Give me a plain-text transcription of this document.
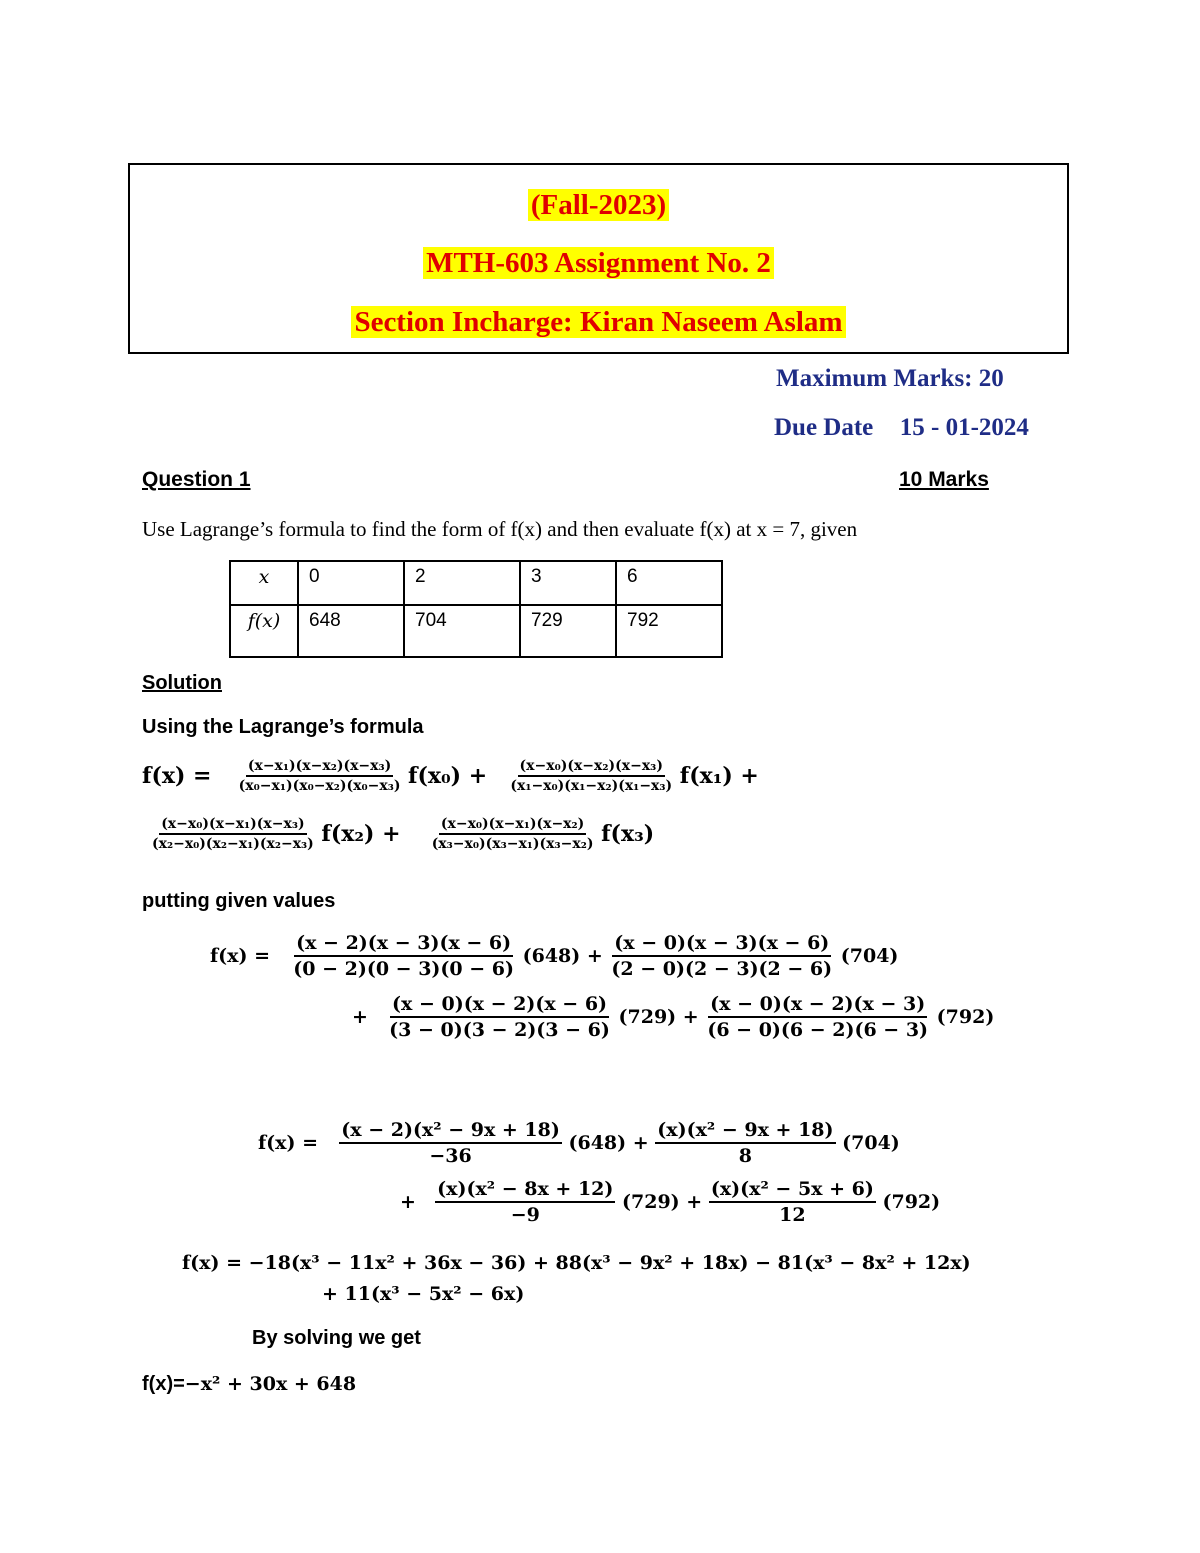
(Fall-2023)
MTH-603 Assignment No. 2
Section Incharge: Kiran Naseem Aslam
Maximum Marks: 20
Due Date 15 - 01-2024
Question 1	10 Marks
Use Lagrange’s formula to find the form of f(x) and then evaluate f(x) at x = 7, given
x	0	2	3	6
f(x)	648	704	729	792
Solution
Using the Lagrange’s formula
$f(x) = \frac{\text{(x−x₁)(x−x₂)(x−x₃)}}{\text{(x₀−x₁)(x₀−x₂)(x₀−x₃)}} f(x_0) + \frac{\text{(x−x₀)(x−x₂)(x−x₃)}}{\text{(x₁−x₀)(x₁−x₂)(x₁−x₃)}} f(x_1)$ +
$\frac{\text{(x−x₀)(x−x₁)(x−x₃)}}{\text{(x₂−x₀)(x₂−x₁)(x₂−x₃)}} f(x_2) + \frac{\text{(x−x₀)(x−x₁)(x−x₂)}}{\text{(x₃−x₀)(x₃−x₁)(x₃−x₂)}} f(x_3)$
putting given values
$f(x) = \frac{(x - 2)(x - 3)(x - 6)}{(0 - 2)(0 - 3)(0 - 6)} (648) + \frac{(x - 0)(x - 3)(x - 6)}{(2 - 0)(2 - 3)(2 - 6)} (704)$
+ $\frac{(x - 0)(x - 2)(x - 6)}{(3 - 0)(3 - 2)(3 - 6)} (729) + \frac{(x - 0)(x - 2)(x - 3)}{(6 - 0)(6 - 2)(6 - 3)} (792)$
$f(x) = \frac{\text{(x − 2)(x² − 9x + 18)}}{-36} (648) + \frac{\text{(x)(x² − 9x + 18)}}{8} (704)$
+ $\frac{\text{(x)(x² − 8x + 12)}}{-9} (729) + \frac{\text{(x)(x² − 5x + 6)}}{12} (792)$
f(x) = −18(x³ − 11x² + 36x − 36) + 88(x³ − 9x² + 18x) − 81(x³ − 8x² + 12x)
+ 11(x³ − 5x² − 6x)
By solving we get
f(x)=−x² + 30x + 648
